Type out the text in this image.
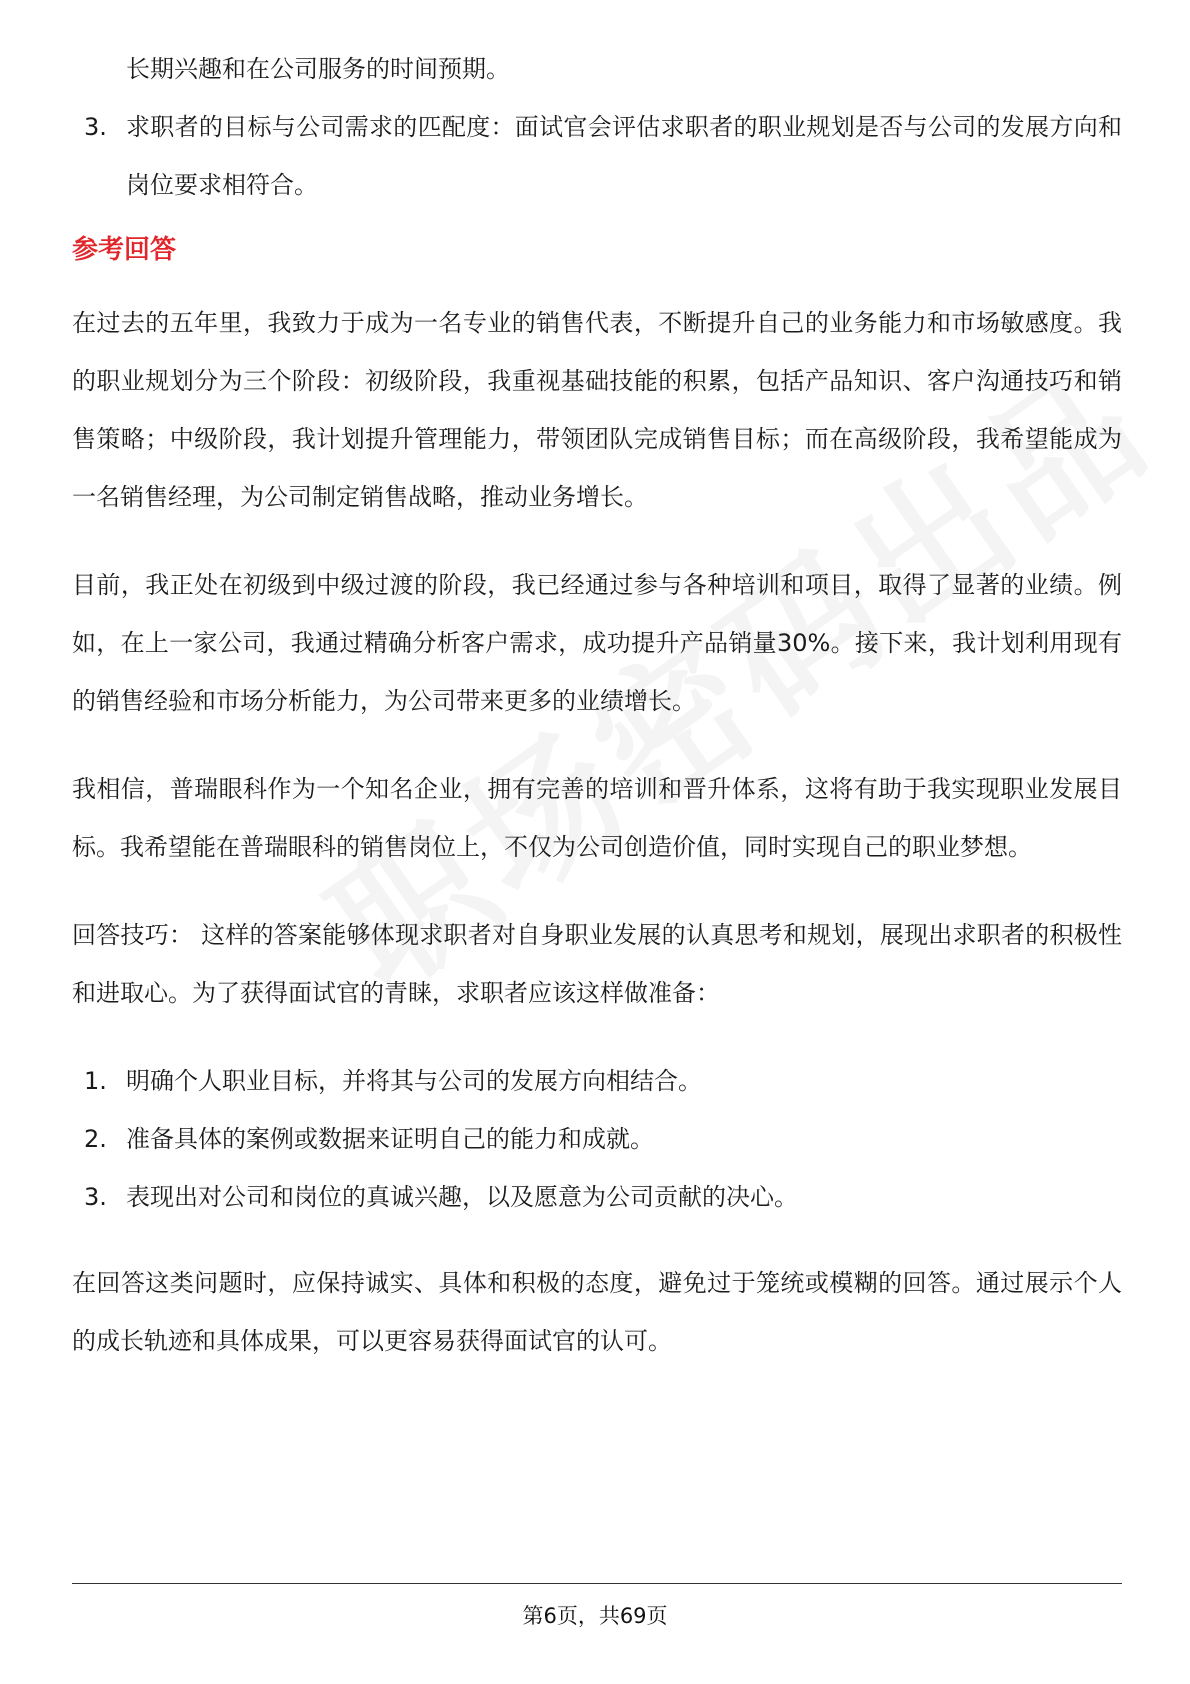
长期兴趣和在公司服务的时间预期。
3. 求职者的目标与公司需求的匹配度：面试官会评估求职者的职业规划是否与公司的发展方向和岗位要求相符合。
参考回答

在过去的五年里，我致力于成为一名专业的销售代表，不断提升自己的业务能力和市场敏感度。我的职业规划分为三个阶段：初级阶段，我重视基础技能的积累，包括产品知识、客户沟通技巧和销售策略；中级阶段，我计划提升管理能力，带领团队完成销售目标；而在高级阶段，我希望能成为一名销售经理，为公司制定销售战略，推动业务增长。

目前，我正处在初级到中级过渡的阶段，我已经通过参与各种培训和项目，取得了显著的业绩。例如，在上一家公司，我通过精确分析客户需求，成功提升产品销量30%。接下来，我计划利用现有的销售经验和市场分析能力，为公司带来更多的业绩增长。

我相信，普瑞眼科作为一个知名企业，拥有完善的培训和晋升体系，这将有助于我实现职业发展目标。我希望能在普瑞眼科的销售岗位上，不仅为公司创造价值，同时实现自己的职业梦想。

回答技巧： 这样的答案能够体现求职者对自身职业发展的认真思考和规划，展现出求职者的积极性和进取心。为了获得面试官的青睐，求职者应该这样做准备：

1. 明确个人职业目标，并将其与公司的发展方向相结合。
2. 准备具体的案例或数据来证明自己的能力和成就。
3. 表现出对公司和岗位的真诚兴趣，以及愿意为公司贡献的决心。

在回答这类问题时，应保持诚实、具体和积极的态度，避免过于笼统或模糊的回答。通过展示个人的成长轨迹和具体成果，可以更容易获得面试官的认可。

第6页，共69页
